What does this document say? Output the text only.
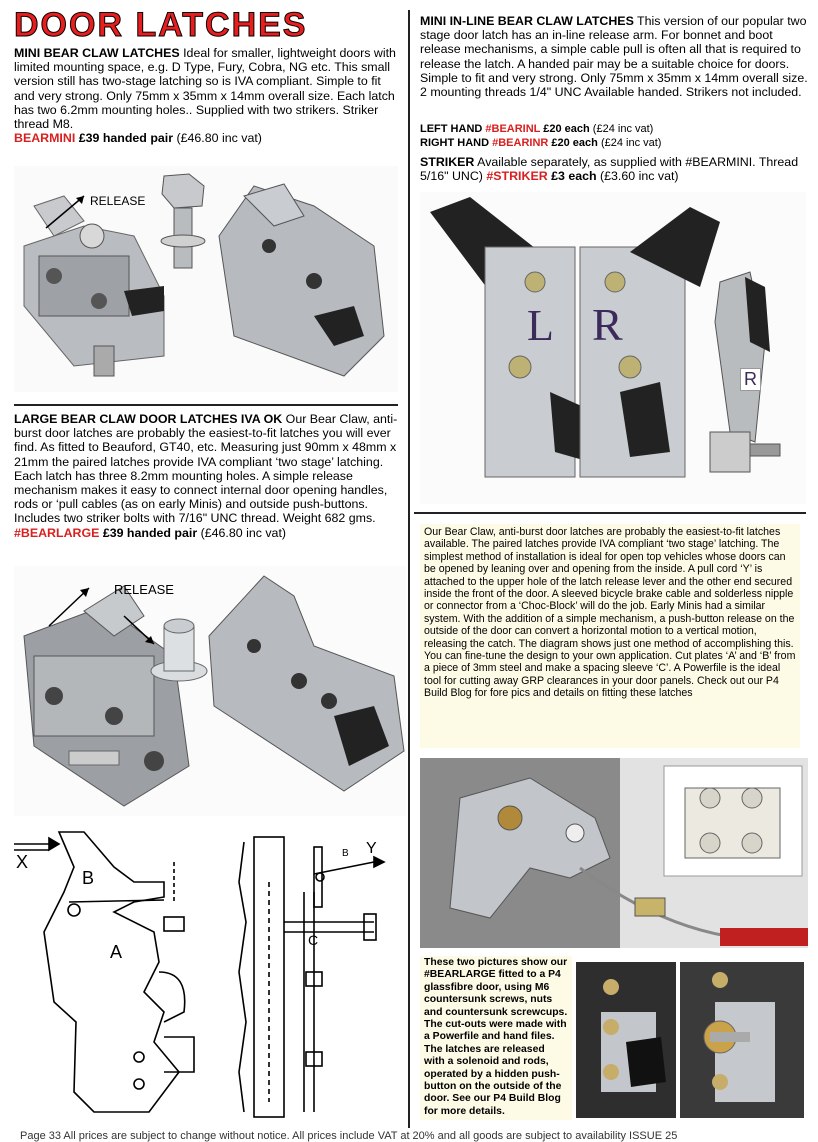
DOOR LATCHES
MINI BEAR CLAW LATCHES Ideal for smaller, lightweight doors with limited mounting space, e.g. D Type, Fury, Cobra, NG etc. This small version still has two-stage latching so is IVA compliant. Simple to fit and very strong. Only 75mm x 35mm x 14mm overall size. Each latch has two 6.2mm mounting holes.. Supplied with two strikers. Striker thread M8.
BEARMINI £39 handed pair (£46.80 inc vat)
RELEASE
MINI IN-LINE BEAR CLAW LATCHES This version of our popular two stage door latch has an in-line release arm. For bonnet and boot release mechanisms, a simple cable pull is often all that is required to release the latch. A handed pair may be a suitable choice for doors. Simple to fit and very strong. Only 75mm x 35mm x 14mm overall size. 2 mounting threads 1/4" UNC Available handed. Strikers not included.
LEFT HAND #BEARINL £20 each (£24 inc vat)
RIGHT HAND #BEARINR £20 each (£24 inc vat)
STRIKER Available separately, as supplied with #BEARMINI. Thread 5/16" UNC) #STRIKER £3 each (£3.60 inc vat)
L R
R
LARGE BEAR CLAW DOOR LATCHES IVA OK Our Bear Claw, anti-burst door latches are probably the easiest-to-fit latches you will ever find. As fitted to Beauford, GT40, etc. Measuring just 90mm x 48mm x 21mm the paired latches provide IVA compliant ‘two stage’ latching. Each latch has three 8.2mm mounting holes. A simple release mechanism makes it easy to connect internal door opening handles, rods or ‘pull cables (as on early Minis) and outside push-buttons. Includes two striker bolts with 7/16" UNC thread. Weight 682 gms.
#BEARLARGE £39 handed pair (£46.80 inc vat)
RELEASE
X
B
A
Y
B
C
Our Bear Claw, anti-burst door latches are probably the easiest-to-fit latches available. The paired latches provide IVA compliant ‘two stage’ latching. The simplest method of installation is ideal for open top vehicles whose doors can be opened by leaning over and opening from the inside. A pull cord ‘Y’ is attached to the upper hole of the latch release lever and the other end secured inside the front of the door. A sleeved bicycle brake cable and solderless nipple or connector from a ‘Choc-Block’ will do the job. Early Minis had a similar system. With the addition of a simple mechanism, a push-button release on the outside of the door can convert a horizontal motion to a vertical motion, releasing the catch. The diagram shows just one method of accomplishing this. You can fine-tune the design to your own application. Cut plates ‘A’ and ‘B’ from a piece of 3mm steel and make a spacing sleeve ‘C’. A Powerfile is the ideal tool for cutting away GRP clearances in your door panels. Check out our P4 Build Blog for fore pics and details on fitting these latches
These two pictures show our #BEARLARGE fitted to a P4 glassfibre door, using M6 countersunk screws, nuts and countersunk screwcups. The cut-outs were made with a Powerfile and hand files. The latches are released with a solenoid and rods, operated by a hidden push-button on the outside of the door. See our P4 Build Blog for more details.
Page 33 All prices are subject to change without notice. All prices include VAT at 20% and all goods are subject to availability ISSUE 25
